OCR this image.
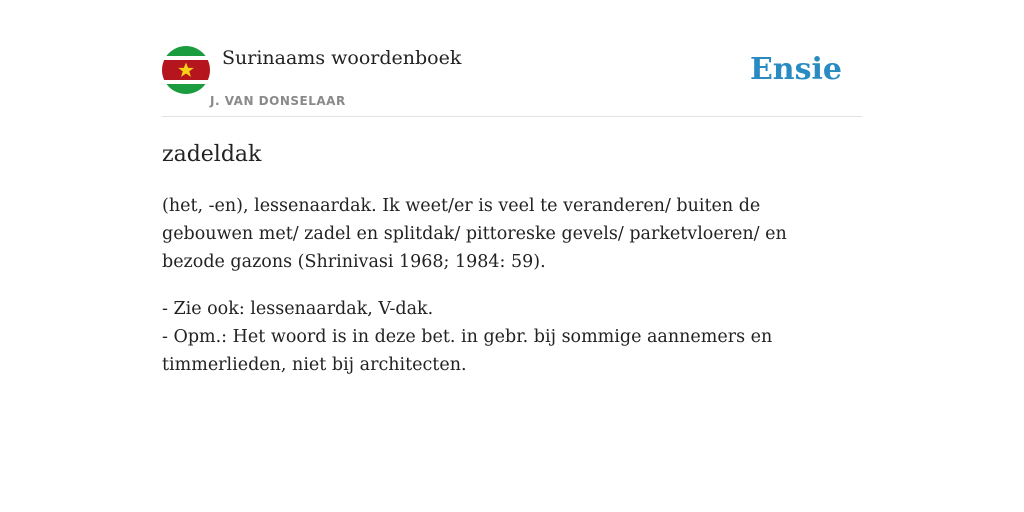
Surinaams woordenboek
J. VAN DONSELAAR
Ensie
zadeldak

(het, -en), lessenaardak. Ik weet/er is veel te veranderen/ buiten de gebouwen met/ zadel en splitdak/ pittoreske gevels/ parketvloeren/ en bezode gazons (Shrinivasi 1968; 1984: 59).

- Zie ook: lessenaardak, V-dak.
- Opm.: Het woord is in deze bet. in gebr. bij sommige aannemers en timmerlieden, niet bij architecten.
